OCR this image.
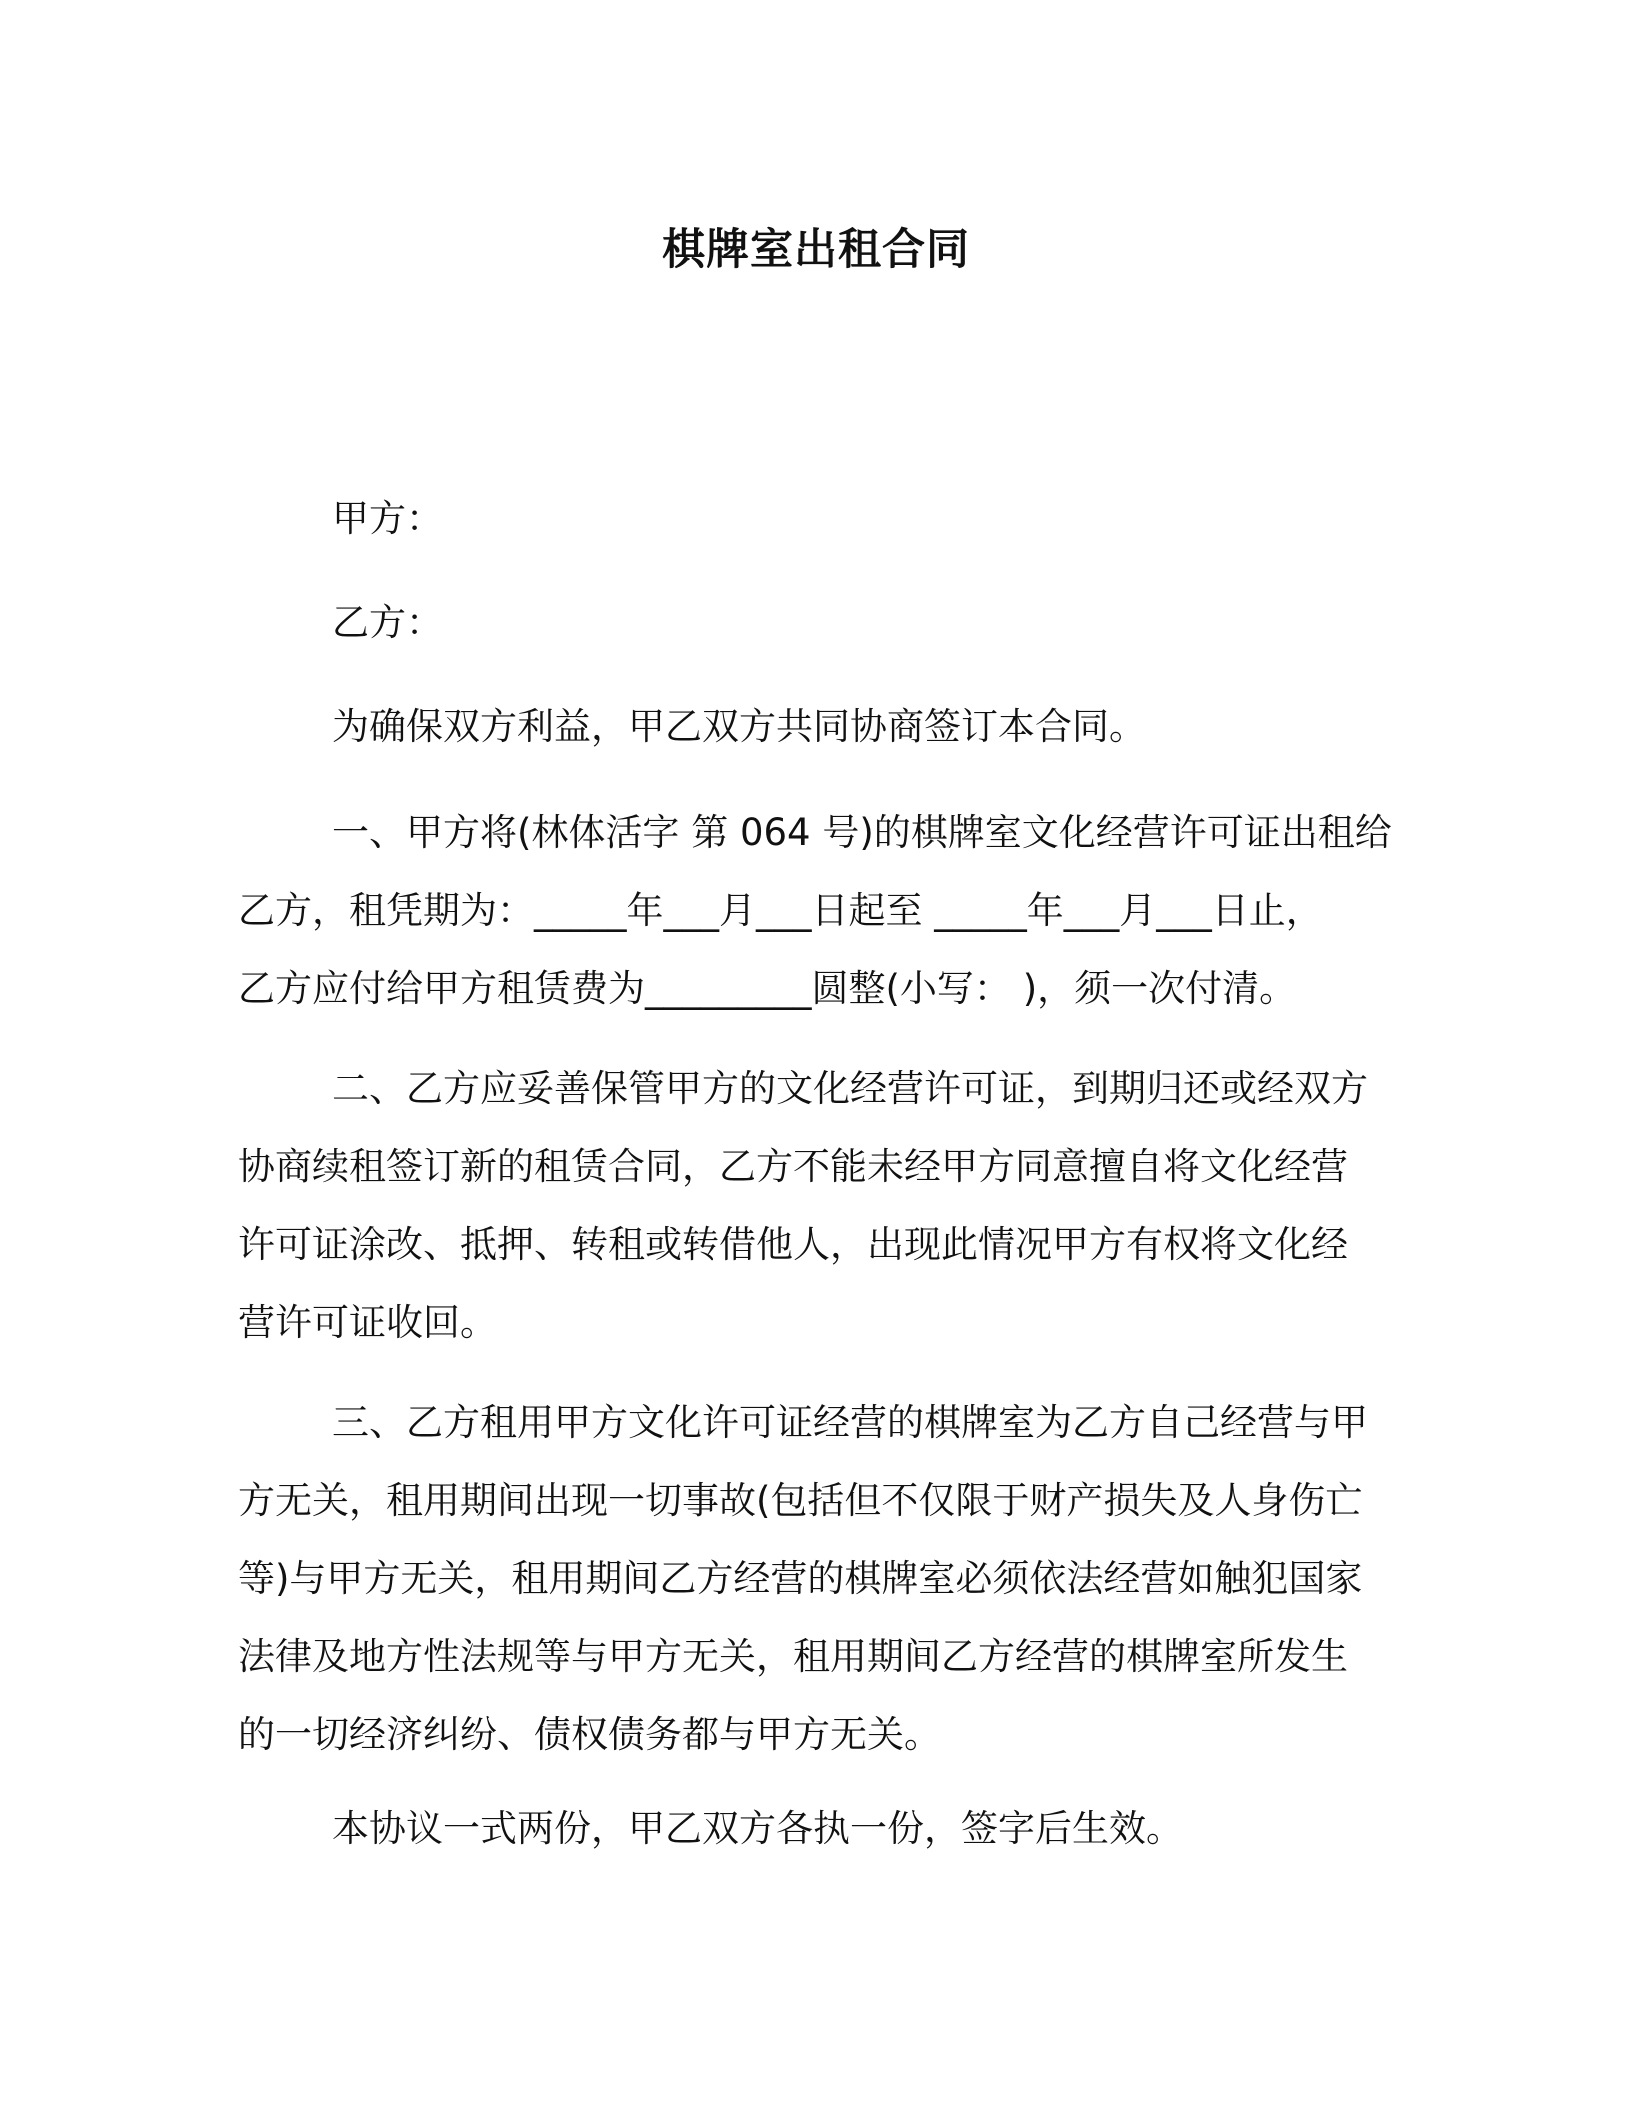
棋牌室出租合同
甲方：
乙方：
为确保双方利益，甲乙双方共同协商签订本合同。
一、甲方将(林体活字 第 064 号)的棋牌室文化经营许可证出租给
乙方，租凭期为：_____年___月___日起至 _____年___月___日止，
乙方应付给甲方租赁费为_________圆整(小写： )，须一次付清。
二、乙方应妥善保管甲方的文化经营许可证，到期归还或经双方
协商续租签订新的租赁合同，乙方不能未经甲方同意擅自将文化经营
许可证涂改、抵押、转租或转借他人，出现此情况甲方有权将文化经
营许可证收回。
三、乙方租用甲方文化许可证经营的棋牌室为乙方自己经营与甲
方无关，租用期间出现一切事故(包括但不仅限于财产损失及人身伤亡
等)与甲方无关，租用期间乙方经营的棋牌室必须依法经营如触犯国家
法律及地方性法规等与甲方无关，租用期间乙方经营的棋牌室所发生
的一切经济纠纷、债权债务都与甲方无关。
本协议一式两份，甲乙双方各执一份，签字后生效。
